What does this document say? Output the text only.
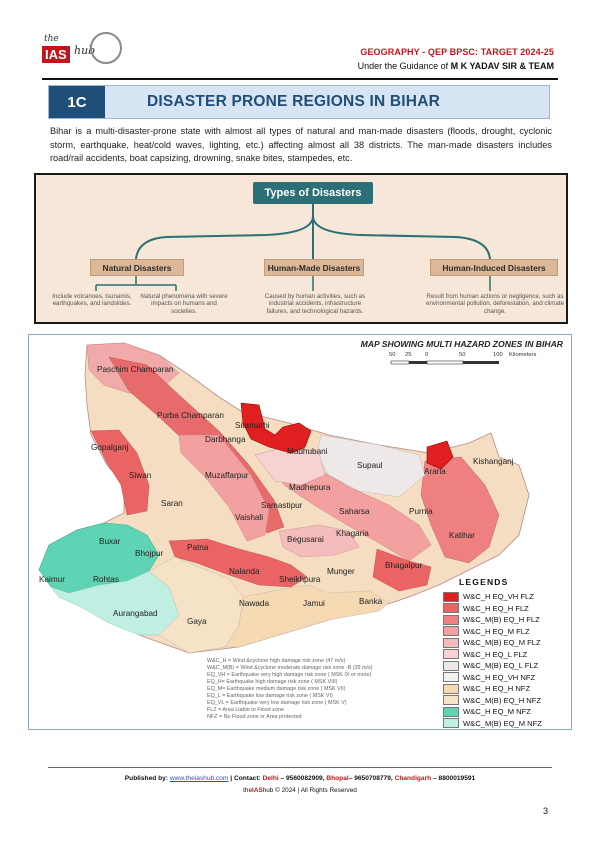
the
IAS hub	GEOGRAPHY - QEP BPSC: TARGET 2024-25
Under the Guidance of M K YADAV SIR & TEAM
1C	DISASTER PRONE REGIONS IN BIHAR

Bihar is a multi-disaster-prone state with almost all types of natural and man-made disasters (floods, drought, cyclonic storm, earthquake, heat/cold waves, lighting, etc.) affecting almost all 38 districts. The man-made disasters includes road/rail accidents, boat capsizing, drowning, snake bites, stampedes, etc.

Types of Disasters
Natural Disasters	Human-Made Disasters	Human-Induced Disasters
Include volcanoes, tsunamis, earthquakes, and landslides.
Natural phenomena with severe impacts on humans and societies.
Caused by human activities, such as industrial accidents, infrastructure failures, and technological hazards.
Result from human actions or negligence, such as environmental pollution, deforestation, and climate change.
MAP SHOWING MULTI HAZARD ZONES IN BIHAR
50 25 0	50	100 Kilometers
Paschim Champaran
Purba Champaran
Sitamarhi
Darbhanga
Madhubani
Supaul
Araria
Kishanganj
Gopalganj
Siwan	Muzaffarpur
Madhepura
Saran	Samastipur
Saharsa	Purnia
Vaishali
Khagaria	Katihar
Begusarai
Buxar
Bhojpur
Patna
Nalanda	Munger
Bhagalpur
Kaimur	Rohtas	Sheikhpura
Aurangabad
Nawada	Jamui	Banka
Gaya
LEGENDS
W&C_H EQ_VH FLZ
W&C_H EQ_H FLZ
W&C_M(B) EQ_H FLZ
W&C_H EQ_M FLZ
W&C_M(B) EQ_M FLZ
W&C_H EQ_L FLZ
W&C_M(B) EQ_L FLZ
W&C_H EQ_VH NFZ
W&C_H EQ_H NFZ
W&C_M(B) EQ_H NFZ
W&C_H EQ_M NFZ
W&C_M(B) EQ_M NFZ
W&C_H = Wind &cyclone high damage risk zone (47 m/s)
W&C_M(B) = Wind &cyclone moderate damage risk zone -B (39 m/s)
EQ_VH = Earthquake very high damage risk zone ( MSK IX or more)
EQ_H= Earthquake high damage risk zone ( MSK VIII)
EQ_M= Earthquake medium damage risk zone ( MSK VII)
EQ_L = Earthquake low damage risk zone ( MSK VI)
EQ_VL = Earthquake very low damage risk zone ( MSK V)
FLZ = Area Liable to Flood zone
NFZ = No Flood zone or Area protected
Published by: www.theiashub.com | Contact: Delhi – 9560082909, Bhopal– 9650708779, Chandigarh – 8800019591
theIAShub © 2024 | All Rights Reserved
3
